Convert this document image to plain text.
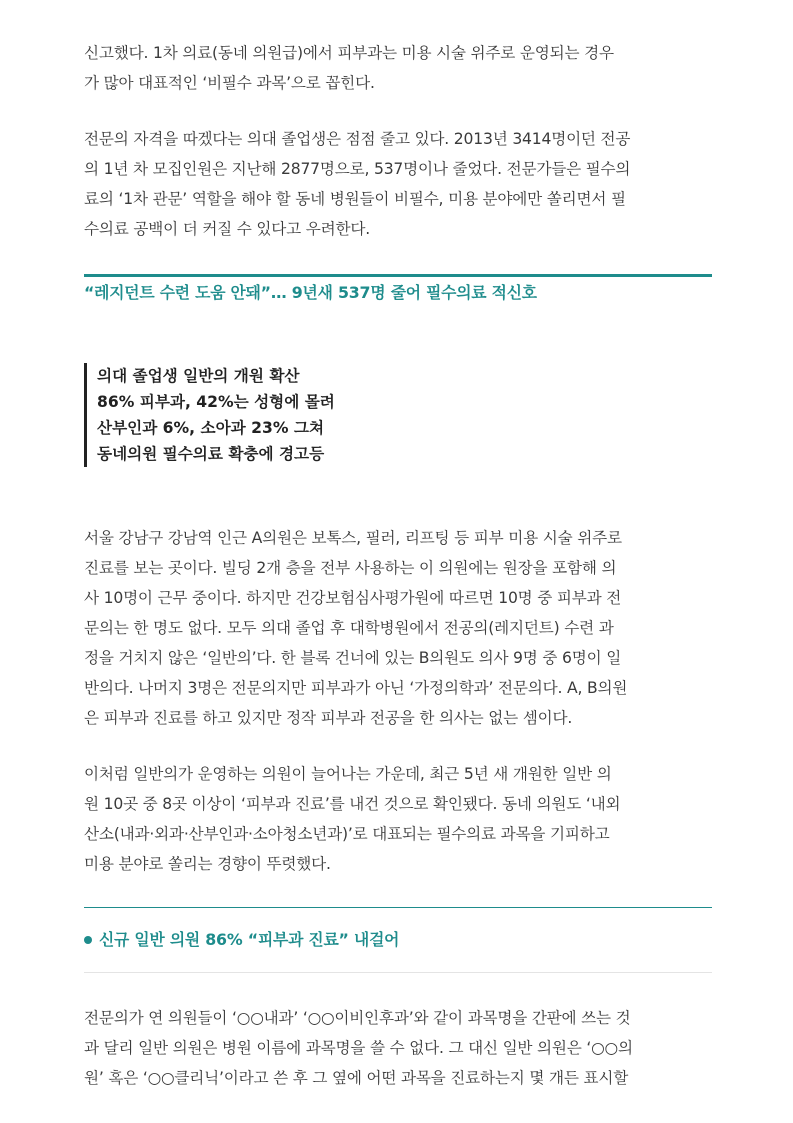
신고했다. 1차 의료(동네 의원급)에서 피부과는 미용 시술 위주로 운영되는 경우
가 많아 대표적인 ‘비필수 과목’으로 꼽힌다.

전문의 자격을 따겠다는 의대 졸업생은 점점 줄고 있다. 2013년 3414명이던 전공
의 1년 차 모집인원은 지난해 2877명으로, 537명이나 줄었다. 전문가들은 필수의
료의 ‘1차 관문’ 역할을 해야 할 동네 병원들이 비필수, 미용 분야에만 쏠리면서 필
수의료 공백이 더 커질 수 있다고 우려한다.

“레지던트 수련 도움 안돼”… 9년새 537명 줄어 필수의료 적신호
의대 졸업생 일반의 개원 확산
86% 피부과, 42%는 성형에 몰려
산부인과 6%, 소아과 23% 그쳐
동네의원 필수의료 확충에 경고등

서울 강남구 강남역 인근 A의원은 보톡스, 필러, 리프팅 등 피부 미용 시술 위주로
진료를 보는 곳이다. 빌딩 2개 층을 전부 사용하는 이 의원에는 원장을 포함해 의
사 10명이 근무 중이다. 하지만 건강보험심사평가원에 따르면 10명 중 피부과 전
문의는 한 명도 없다. 모두 의대 졸업 후 대학병원에서 전공의(레지던트) 수련 과
정을 거치지 않은 ‘일반의’다. 한 블록 건너에 있는 B의원도 의사 9명 중 6명이 일
반의다. 나머지 3명은 전문의지만 피부과가 아닌 ‘가정의학과’ 전문의다. A, B의원
은 피부과 진료를 하고 있지만 정작 피부과 전공을 한 의사는 없는 셈이다.

이처럼 일반의가 운영하는 의원이 늘어나는 가운데, 최근 5년 새 개원한 일반 의
원 10곳 중 8곳 이상이 ‘피부과 진료’를 내건 것으로 확인됐다. 동네 의원도 ‘내외
산소(내과·외과·산부인과·소아청소년과)’로 대표되는 필수의료 과목을 기피하고
미용 분야로 쏠리는 경향이 뚜렷했다.

신규 일반 의원 86% “피부과 진료” 내걸어

전문의가 연 의원들이 ‘○○내과’ ‘○○이비인후과’와 같이 과목명을 간판에 쓰는 것
과 달리 일반 의원은 병원 이름에 과목명을 쓸 수 없다. 그 대신 일반 의원은 ‘○○의
원’ 혹은 ‘○○클리닉’이라고 쓴 후 그 옆에 어떤 과목을 진료하는지 몇 개든 표시할
